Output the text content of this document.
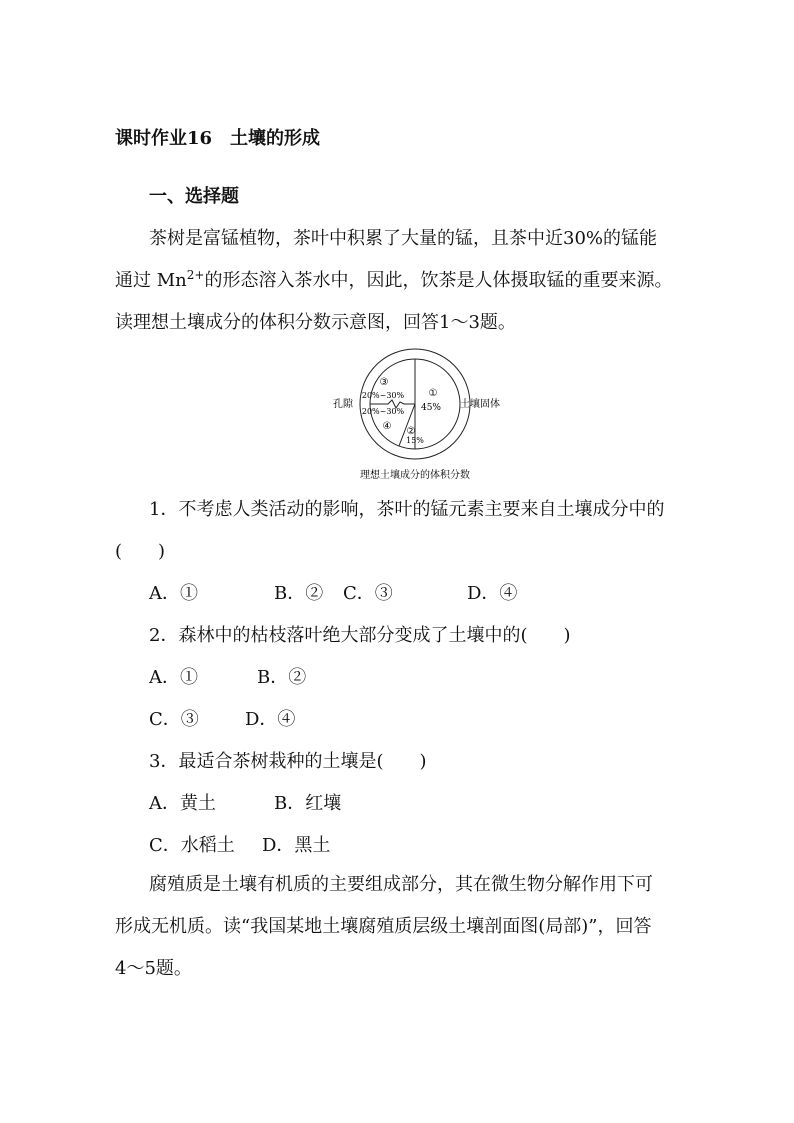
课时作业16　土壤的形成
一、选择题
茶树是富锰植物，茶叶中积累了大量的锰，且茶中近30%的锰能
通过 $Mn^{2+}$的形态溶入茶水中，因此，饮茶是人体摄取锰的重要来源。
读理想土壤成分的体积分数示意图，回答1～3题。
①
45%
②
15%
③
20%~30%
20%~30%
④
孔隙	土壤固体
理想土壤成分的体积分数
1．不考虑人类活动的影响，茶叶的锰元素主要来自土壤成分中的
(　　)
A．①	B．② C．③	D．④
2．森林中的枯枝落叶绝大部分变成了土壤中的(　　)
A．①	B．②
C．③	D．④
3．最适合茶树栽种的土壤是(　　)
A．黄土	B．红壤
C．水稻土 D．黑土
腐殖质是土壤有机质的主要组成部分，其在微生物分解作用下可
形成无机质。读“我国某地土壤腐殖质层级土壤剖面图(局部)”，回答
4～5题。
